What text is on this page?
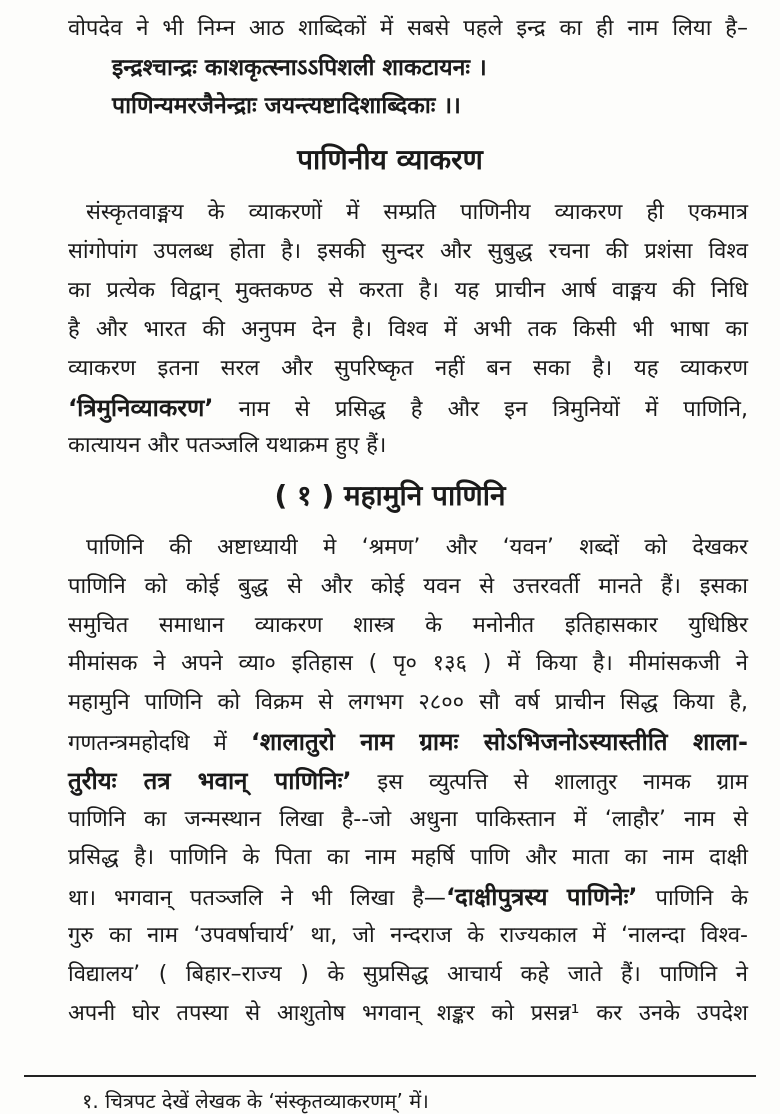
वोपदेव ने भी निम्न आठ शाब्दिकों में सबसे पहले इन्द्र का ही नाम लिया है–
इन्द्रश्चान्द्रः काशकृत्स्नाऽऽपिशली शाकटायनः ।
पाणिन्यमरजैनेन्द्राः जयन्त्यष्टादिशाब्दिकाः ।।
पाणिनीय व्याकरण
संस्कृतवाङ्मय के व्याकरणों में सम्प्रति पाणिनीय व्याकरण ही एकमात्र
सांगोपांग उपलब्ध होता है। इसकी सुन्दर और सुबुद्ध रचना की प्रशंसा विश्व
का प्रत्येक विद्वान् मुक्तकण्ठ से करता है। यह प्राचीन आर्ष वाङ्मय की निधि
है और भारत की अनुपम देन है। विश्व में अभी तक किसी भी भाषा का
व्याकरण इतना सरल और सुपरिष्कृत नहीं बन सका है। यह व्याकरण
‘त्रिमुनिव्याकरण’ नाम से प्रसिद्ध है और इन त्रिमुनियों में पाणिनि,
कात्यायन और पतञ्जलि यथाक्रम हुए हैं।
( १ ) महामुनि पाणिनि
पाणिनि की अष्टाध्यायी मे ‘श्रमण’ और ‘यवन’ शब्दों को देखकर
पाणिनि को कोई बुद्ध से और कोई यवन से उत्तरवर्ती मानते हैं। इसका
समुचित समाधान व्याकरण शास्त्र के मनोनीत इतिहासकार युधिष्ठिर
मीमांसक ने अपने व्या० इतिहास ( पृ० १३६ ) में किया है। मीमांसकजी ने
महामुनि पाणिनि को विक्रम से लगभग २८०० सौ वर्ष प्राचीन सिद्ध किया है,
गणतन्त्रमहोदधि में ‘शालातुरो नाम ग्रामः सोऽभिजनोऽस्यास्तीति शाला-
तुरीयः तत्र भवान् पाणिनिः’ इस व्युत्पत्ति से शालातुर नामक ग्राम
पाणिनि का जन्मस्थान लिखा है--जो अधुना पाकिस्तान में ‘लाहौर’ नाम से
प्रसिद्ध है। पाणिनि के पिता का नाम महर्षि पाणि और माता का नाम दाक्षी
था। भगवान् पतञ्जलि ने भी लिखा है—‘दाक्षीपुत्रस्य पाणिनेः’ पाणिनि के
गुरु का नाम ‘उपवर्षाचार्य’ था, जो नन्दराज के राज्यकाल में ‘नालन्दा विश्व-
विद्यालय’ ( बिहार–राज्य ) के सुप्रसिद्ध आचार्य कहे जाते हैं। पाणिनि ने
अपनी घोर तपस्या से आशुतोष भगवान् शङ्कर को प्रसन्न¹ कर उनके उपदेश
१. चित्रपट देखें लेखक के ‘संस्कृतव्याकरणम्’ में।
